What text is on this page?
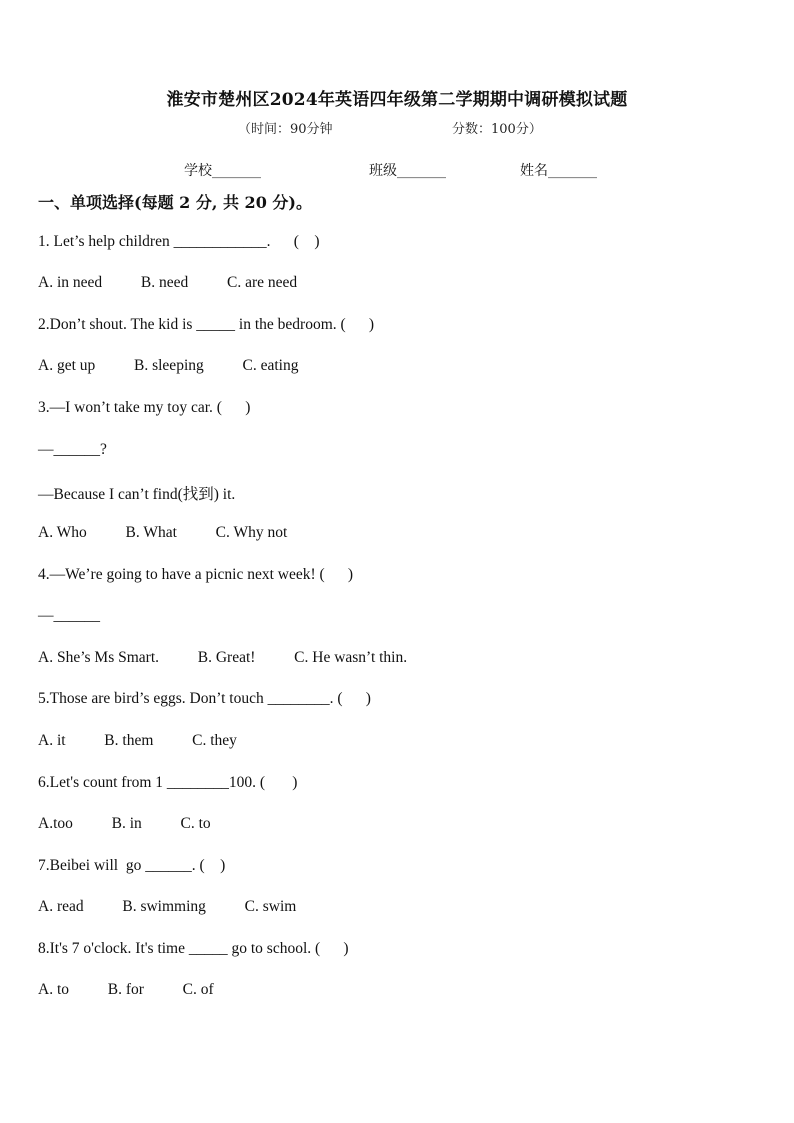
淮安市楚州区2024年英语四年级第二学期期中调研模拟试题
（时间：90分钟	分数：100分）
学校_______	班级_______	姓名_______
一、单项选择(每题 2 分, 共 20 分)。
1. Let’s help children ____________.      (    )
A. in need          B. need          C. are need
2.Don’t shout. The kid is _____ in the bedroom. (      )
A. get up          B. sleeping          C. eating
3.—I won’t take my toy car. (      )
—______?
—Because I can’t find(找到) it.
A. Who          B. What          C. Why not
4.—We’re going to have a picnic next week! (      )
—______
A. She’s Ms Smart.          B. Great!          C. He wasn’t thin.
5.Those are bird’s eggs. Don’t touch ________. (      )
A. it          B. them          C. they
6.Let's count from 1 ________100. (       )
A.too          B. in          C. to
7.Beibei will  go ______. (    )
A. read          B. swimming          C. swim
8.It's 7 o'clock. It's time _____ go to school. (      )
A. to          B. for          C. of
